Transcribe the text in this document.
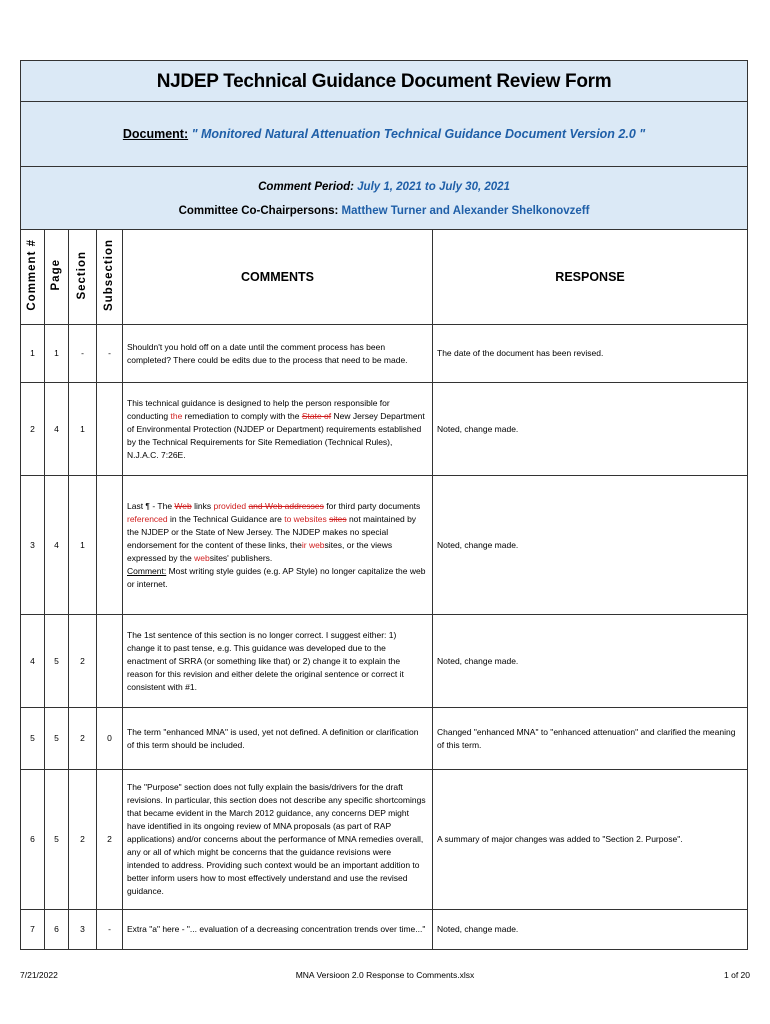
NJDEP Technical Guidance Document Review Form					
Document: " Monitored Natural Attenuation Technical Guidance Document Version 2.0 "					

Comment Period: July 1, 2021 to July 30, 2021
Committee Co-Chairpersons: Matthew Turner and Alexander Shelkonovzeff					

Comment #	Page	Section	Subsection	COMMENTS	RESPONSE
1	1	-	-	Shouldn't you hold off on a date until the comment process has been completed? There could be edits due to the process that need to be made.	The date of the document has been revised.
2	4	1		This technical guidance is designed to help the person responsible for conducting the remediation to comply with the State of New Jersey Department of Environmental Protection (NJDEP or Department) requirements established by the Technical Requirements for Site Remediation (Technical Rules), N.J.A.C. 7:26E.	Noted, change made.
3	4	1		Last ¶ - The Web links provided and Web addresses for third party documents referenced in the Technical Guidance are to websites sites not maintained by the NJDEP or the State of New Jersey. The NJDEP makes no special endorsement for the content of these links, their websites, or the views expressed by the websites' publishers.
Comment: Most writing style guides (e.g. AP Style) no longer capitalize the web or internet.	Noted, change made.
4	5	2		The 1st sentence of this section is no longer correct. I suggest either: 1) change it to past tense, e.g. This guidance was developed due to the enactment of SRRA (or something like that) or 2) change it to explain the reason for this revision and either delete the original sentence or correct it consistent with #1.	Noted, change made.
5	5	2	0	The term "enhanced MNA" is used, yet not defined. A definition or clarification of this term should be included.	Changed "enhanced MNA" to "enhanced attenuation" and clarified the meaning of this term.
6	5	2	2	The "Purpose" section does not fully explain the basis/drivers for the draft revisions. In particular, this section does not describe any specific shortcomings that became evident in the March 2012 guidance, any concerns DEP might have identified in its ongoing review of MNA proposals (as part of RAP applications) and/or concerns about the performance of MNA remedies overall, any or all of which might be concerns that the guidance revisions were intended to address. Providing such context would be an important addition to better inform users how to most effectively understand and use the revised guidance.	A summary of major changes was added to "Section 2. Purpose".
7	6	3	-	Extra "a" here - "... evaluation of a decreasing concentration trends over time..."	Noted, change made.
7/21/2022	MNA Versioon 2.0 Response to Comments.xlsx	1 of 20
